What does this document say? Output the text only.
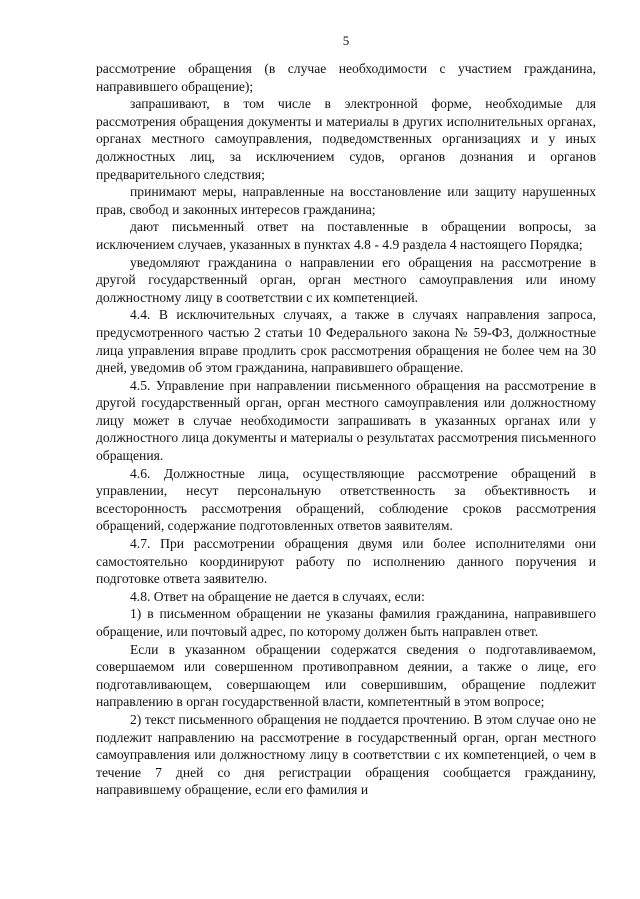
5

рассмотрение обращения (в случае необходимости с участием гражданина, направившего обращение);

запрашивают, в том числе в электронной форме, необходимые для рассмотрения обращения документы и материалы в других исполнительных органах, органах местного самоуправления, подведомственных организациях и у иных должностных лиц, за исключением судов, органов дознания и органов предварительного следствия;

принимают меры, направленные на восстановление или защиту нарушенных прав, свобод и законных интересов гражданина;

дают письменный ответ на поставленные в обращении вопросы, за исключением случаев, указанных в пунктах 4.8 - 4.9 раздела 4 настоящего Порядка;

уведомляют гражданина о направлении его обращения на рассмотрение в другой государственный орган, орган местного самоуправления или иному должностному лицу в соответствии с их компетенцией.

4.4. В исключительных случаях, а также в случаях направления запроса, предусмотренного частью 2 статьи 10 Федерального закона № 59-ФЗ, должностные лица управления вправе продлить срок рассмотрения обращения не более чем на 30 дней, уведомив об этом гражданина, направившего обращение.

4.5. Управление при направлении письменного обращения на рассмотрение в другой государственный орган, орган местного самоуправления или должностному лицу может в случае необходимости запрашивать в указанных органах или у должностного лица документы и материалы о результатах рассмотрения письменного обращения.

4.6. Должностные лица, осуществляющие рассмотрение обращений в управлении, несут персональную ответственность за объективность и всесторонность рассмотрения обращений, соблюдение сроков рассмотрения обращений, содержание подготовленных ответов заявителям.

4.7. При рассмотрении обращения двумя или более исполнителями они самостоятельно координируют работу по исполнению данного поручения и подготовке ответа заявителю.

4.8. Ответ на обращение не дается в случаях, если:

1) в письменном обращении не указаны фамилия гражданина, направившего обращение, или почтовый адрес, по которому должен быть направлен ответ.

Если в указанном обращении содержатся сведения о подготавливаемом, совершаемом или совершенном противоправном деянии, а также о лице, его подготавливающем, совершающем или совершившим, обращение подлежит направлению в орган государственной власти, компетентный в этом вопросе;

2) текст письменного обращения не поддается прочтению. В этом случае оно не подлежит направлению на рассмотрение в государственный орган, орган местного самоуправления или должностному лицу в соответствии с их компетенцией, о чем в течение 7 дней со дня регистрации обращения сообщается гражданину, направившему обращение, если его фамилия и
